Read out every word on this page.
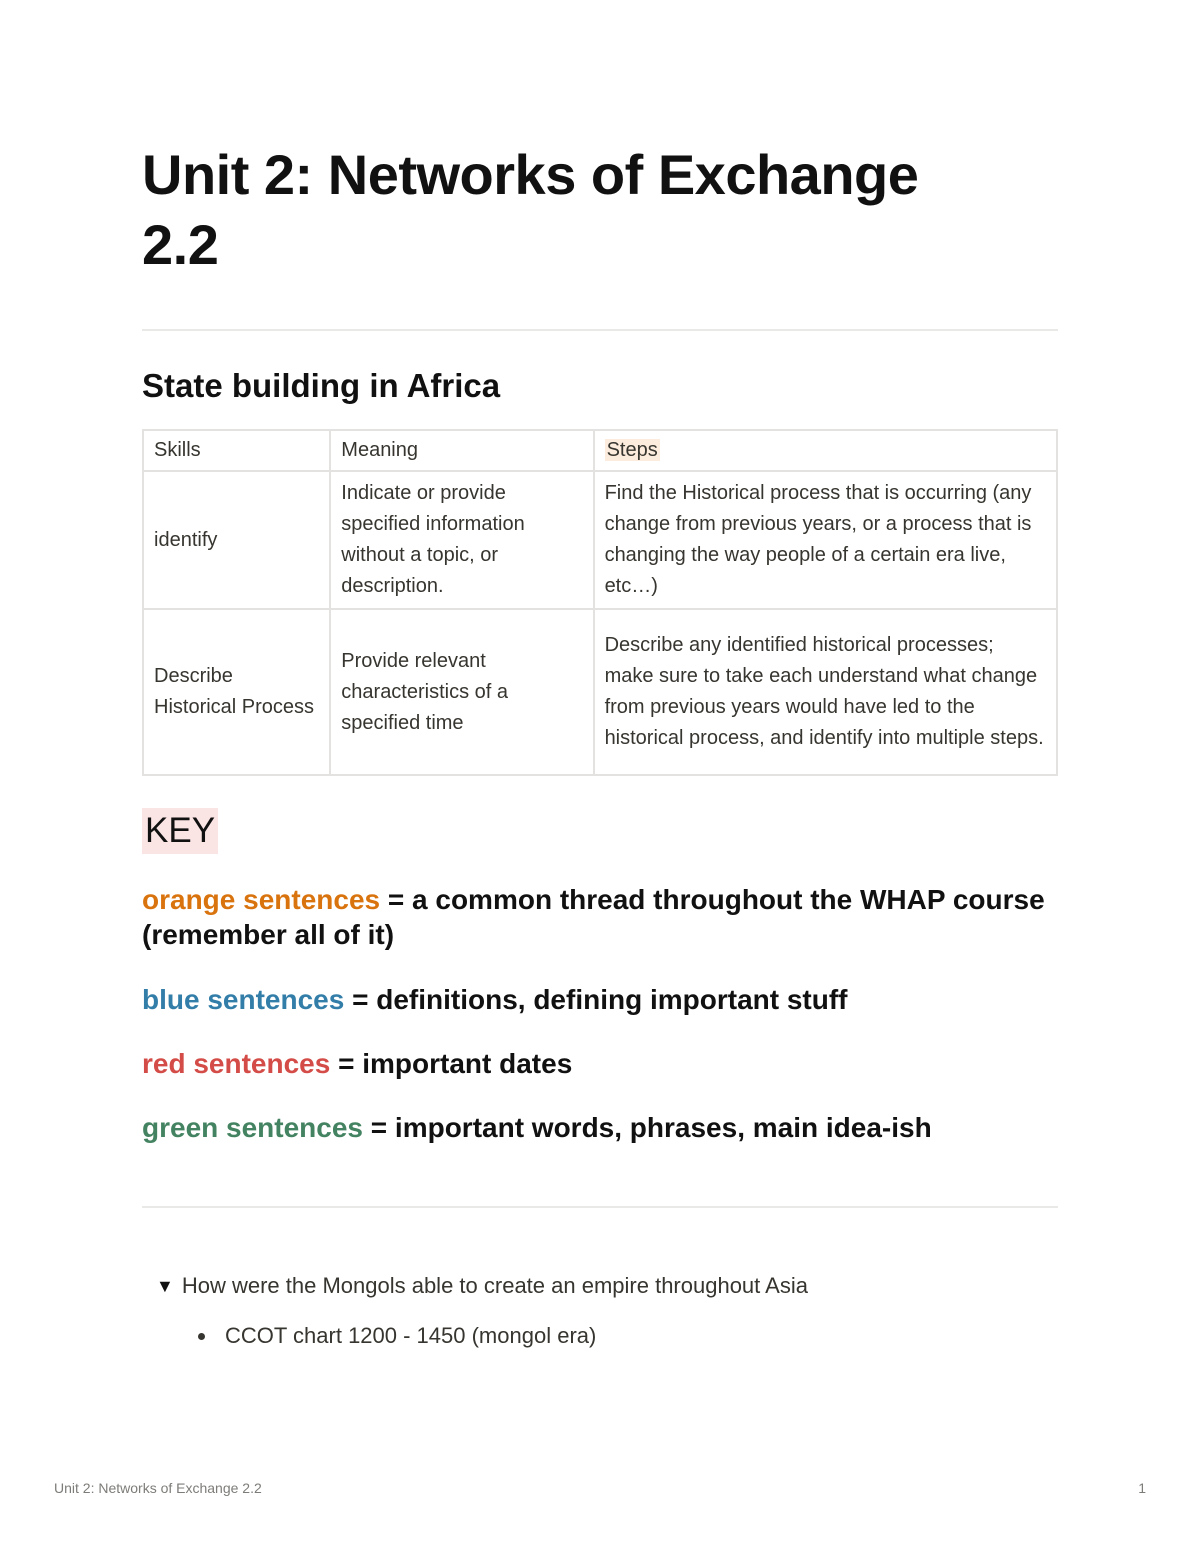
Unit 2: Networks of Exchange
2.2
State building in Africa
Skills	Meaning	Steps
identify	Indicate or provide specified information without a topic, or description.	Find the Historical process that is occurring (any change from previous years, or a process that is changing the way people of a certain era live, etc…)
Describe Historical Process	Provide relevant characteristics of a specified time	Describe any identified historical processes; make sure to take each understand what change from previous years would have led to the historical process, and identify into multiple steps.
KEY

orange sentences = a common thread throughout the WHAP course (remember all of it)

blue sentences = definitions, defining important stuff

red sentences = important dates

green sentences = important words, phrases, main idea-ish

▼ How were the Mongols able to create an empire throughout Asia
CCOT chart 1200 - 1450 (mongol era)
Unit 2: Networks of Exchange 2.2	1
